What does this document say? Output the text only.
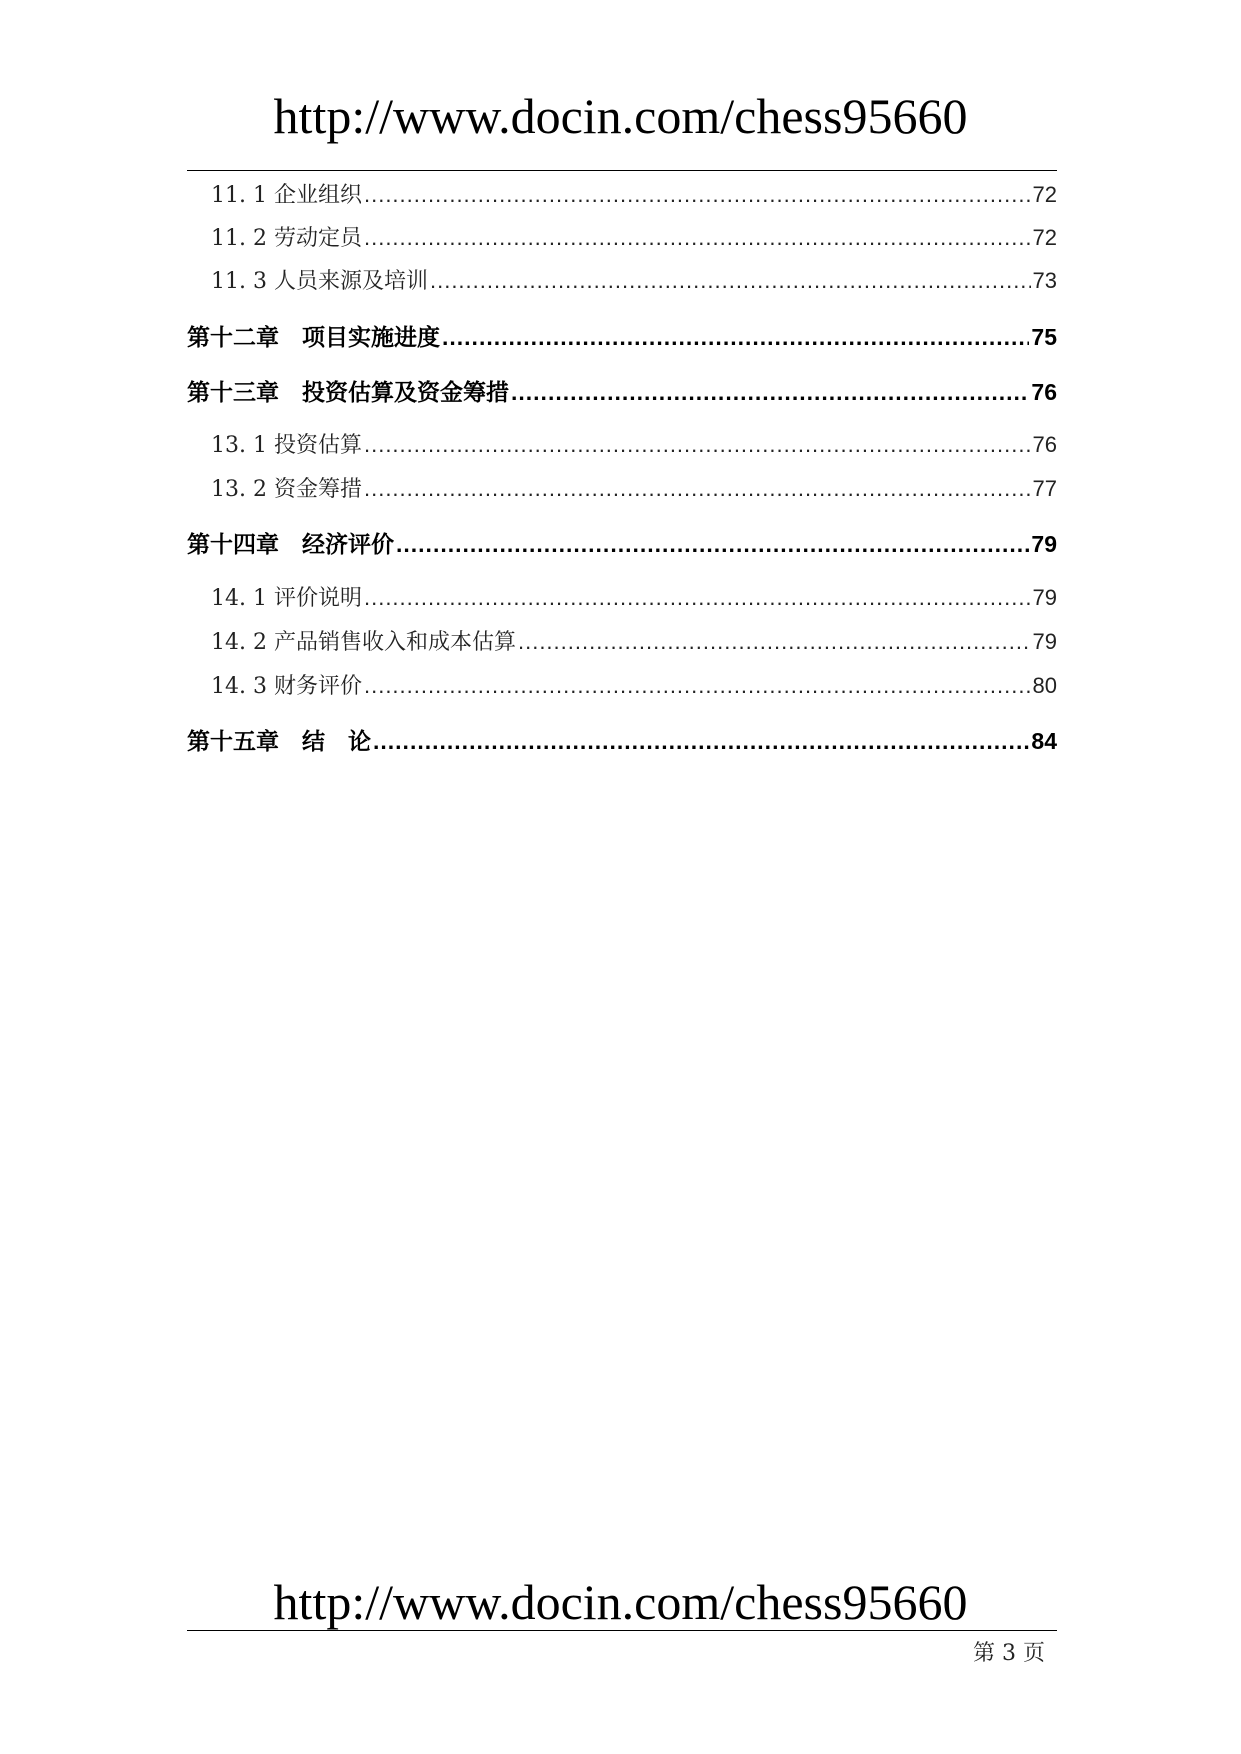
http://www.docin.com/chess95660
11. 1 企业组织 .....	72
11. 2 劳动定员 .....	72
11. 3 人员来源及培训 .....	73
第十二章　项目实施进度 .....	75
第十三章　投资估算及资金筹措 .....	76
13. 1 投资估算 .....	76
13. 2 资金筹措 .....	77
第十四章　经济评价 .....	79
14. 1 评价说明 .....	79
14. 2 产品销售收入和成本估算 .....	79
14. 3 财务评价 .....	80
第十五章　结　论 .....	84
http://www.docin.com/chess95660
第 3 页
